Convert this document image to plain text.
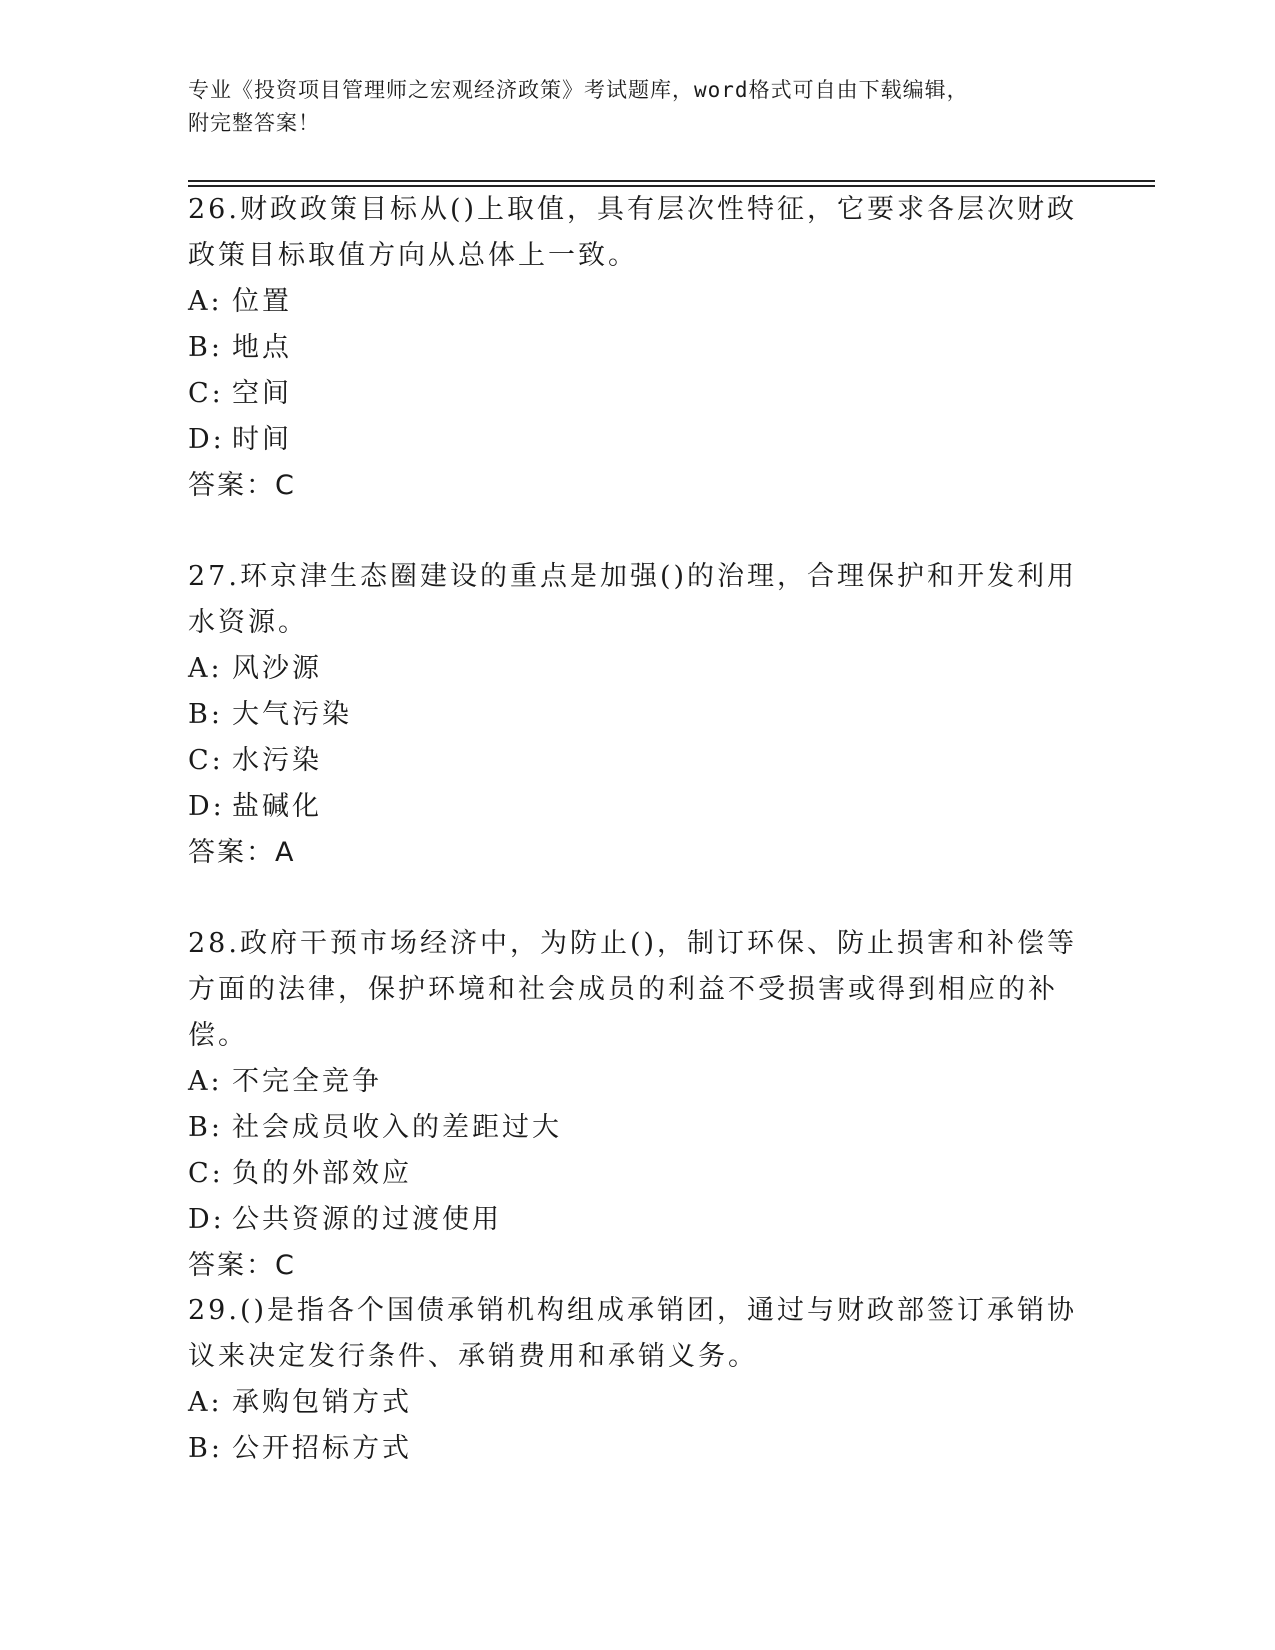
专业《投资项目管理师之宏观经济政策》考试题库，word格式可自由下载编辑，
附完整答案！

26.财政政策目标从()上取值，具有层次性特征，它要求各层次财政政策目标取值方向从总体上一致。

A: 位置

B: 地点

C: 空间

D: 时间

答案：C

27.环京津生态圈建设的重点是加强()的治理，合理保护和开发利用水资源。

A: 风沙源

B: 大气污染

C: 水污染

D: 盐碱化

答案：A

28.政府干预市场经济中，为防止()，制订环保、防止损害和补偿等方面的法律，保护环境和社会成员的利益不受损害或得到相应的补偿。

A: 不完全竞争

B: 社会成员收入的差距过大

C: 负的外部效应

D: 公共资源的过渡使用

答案：C

29.()是指各个国债承销机构组成承销团，通过与财政部签订承销协议来决定发行条件、承销费用和承销义务。

A: 承购包销方式

B: 公开招标方式
